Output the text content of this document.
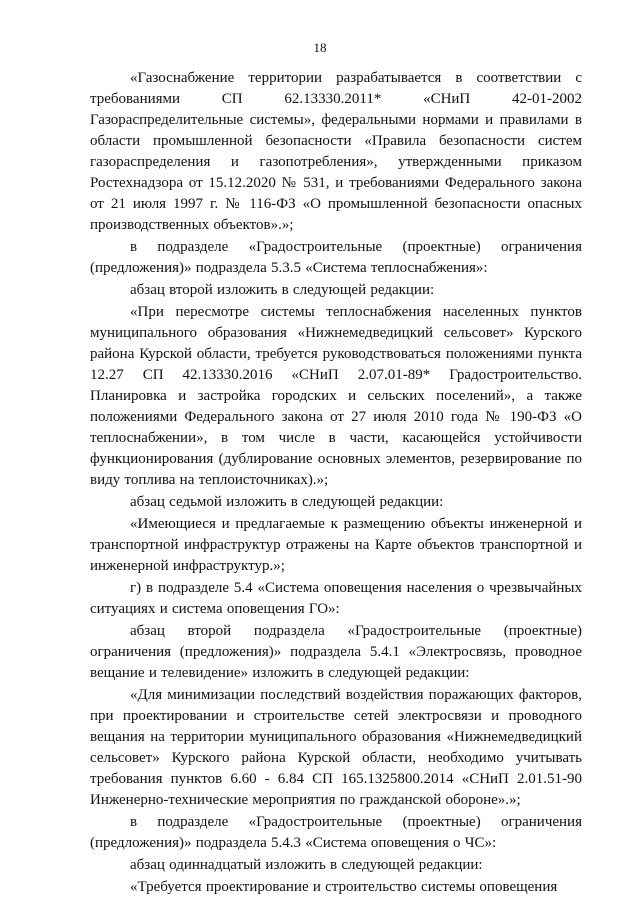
18

«Газоснабжение территории разрабатывается в соответствии с требованиями СП 62.13330.2011* «СНиП 42-01-2002 Газораспределительные системы», федеральными нормами и правилами в области промышленной безопасности «Правила безопасности систем газораспределения и газопотребления», утвержденными приказом Ростехнадзора от 15.12.2020 № 531, и требованиями Федерального закона от 21 июля 1997 г. № 116-ФЗ «О промышленной безопасности опасных производственных объектов».»;

в подразделе «Градостроительные (проектные) ограничения (предложения)» подраздела 5.3.5 «Система теплоснабжения»:

абзац второй изложить в следующей редакции:

«При пересмотре системы теплоснабжения населенных пунктов муниципального образования «Нижнемедведицкий сельсовет» Курского района Курской области, требуется руководствоваться положениями пункта 12.27 СП 42.13330.2016 «СНиП 2.07.01-89* Градостроительство. Планировка и застройка городских и сельских поселений», а также положениями Федерального закона от 27 июля 2010 года № 190-ФЗ «О теплоснабжении», в том числе в части, касающейся устойчивости функционирования (дублирование основных элементов, резервирование по виду топлива на теплоисточниках).»;

абзац седьмой изложить в следующей редакции:

«Имеющиеся и предлагаемые к размещению объекты инженерной и транспортной инфраструктур отражены на Карте объектов транспортной и инженерной инфраструктур.»;

г) в подразделе 5.4 «Система оповещения населения о чрезвычайных ситуациях и система оповещения ГО»:

абзац второй подраздела «Градостроительные (проектные) ограничения (предложения)» подраздела 5.4.1 «Электросвязь, проводное вещание и телевидение» изложить в следующей редакции:

«Для минимизации последствий воздействия поражающих факторов, при проектировании и строительстве сетей электросвязи и проводного вещания на территории муниципального образования «Нижнемедведицкий сельсовет» Курского района Курской области, необходимо учитывать требования пунктов 6.60 - 6.84 СП 165.1325800.2014 «СНиП 2.01.51-90 Инженерно-технические мероприятия по гражданской обороне».»;

в подразделе «Градостроительные (проектные) ограничения (предложения)» подраздела 5.4.3 «Система оповещения о ЧС»:

абзац одиннадцатый изложить в следующей редакции:

«Требуется проектирование и строительство системы оповещения
